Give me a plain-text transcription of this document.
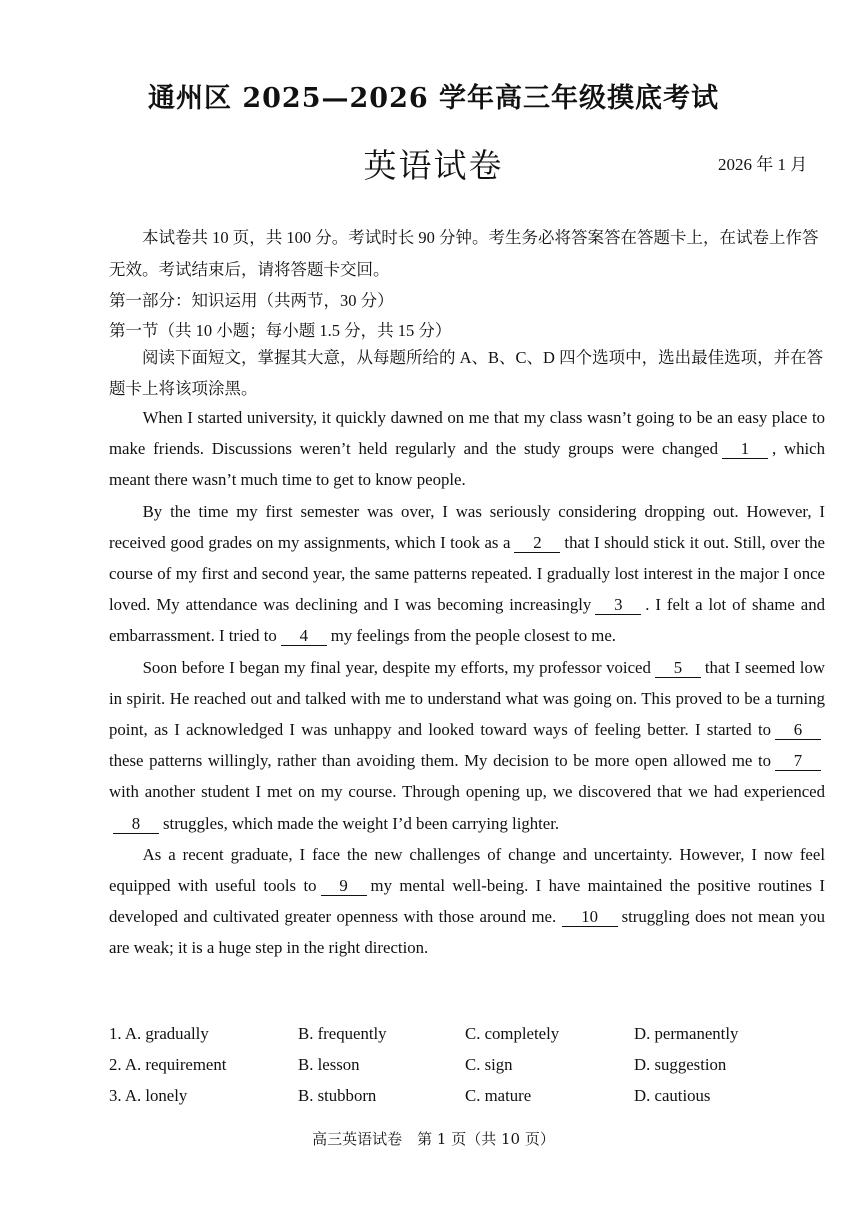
通州区 2025—2026 学年高三年级摸底考试
英语试卷	2026 年 1 月
本试卷共 10 页，共 100 分。考试时长 90 分钟。考生务必将答案答在答题卡上，在试卷上作答无效。考试结束后，请将答题卡交回。
第一部分：知识运用（共两节，30 分）
第一节（共 10 小题；每小题 1.5 分，共 15 分）
阅读下面短文，掌握其大意，从每题所给的 A、B、C、D 四个选项中，选出最佳选项，并在答题卡上将该项涂黑。

When I started university, it quickly dawned on me that my class wasn’t going to be an easy place to make friends. Discussions weren’t held regularly and the study groups were changed 1 , which meant there wasn’t much time to get to know people.

By the time my first semester was over, I was seriously considering dropping out. However, I received good grades on my assignments, which I took as a 2 that I should stick it out. Still, over the course of my first and second year, the same patterns repeated. I gradually lost interest in the major I once loved. My attendance was declining and I was becoming increasingly 3 . I felt a lot of shame and embarrassment. I tried to 4 my feelings from the people closest to me.

Soon before I began my final year, despite my efforts, my professor voiced 5 that I seemed low in spirit. He reached out and talked with me to understand what was going on. This proved to be a turning point, as I acknowledged I was unhappy and looked toward ways of feeling better. I started to 6these patterns willingly, rather than avoiding them. My decision to be more open allowed me to 7with another student I met on my course. Through opening up, we discovered that we had experienced8 struggles, which made the weight I’d been carrying lighter.

As a recent graduate, I face the new challenges of change and uncertainty. However, I now feel equipped with useful tools to 9 my mental well-being. I have maintained the positive routines I developed and cultivated greater openness with those around me. 10 struggling does not mean you are weak; it is a huge step in the right direction.

1. A. gradually	B. frequently	C. completely	D. permanently
2. A. requirement	B. lesson	C. sign	D. suggestion
3. A. lonely	B. stubborn	C. mature	D. cautious
高三英语试卷　第 1 页（共 10 页）
